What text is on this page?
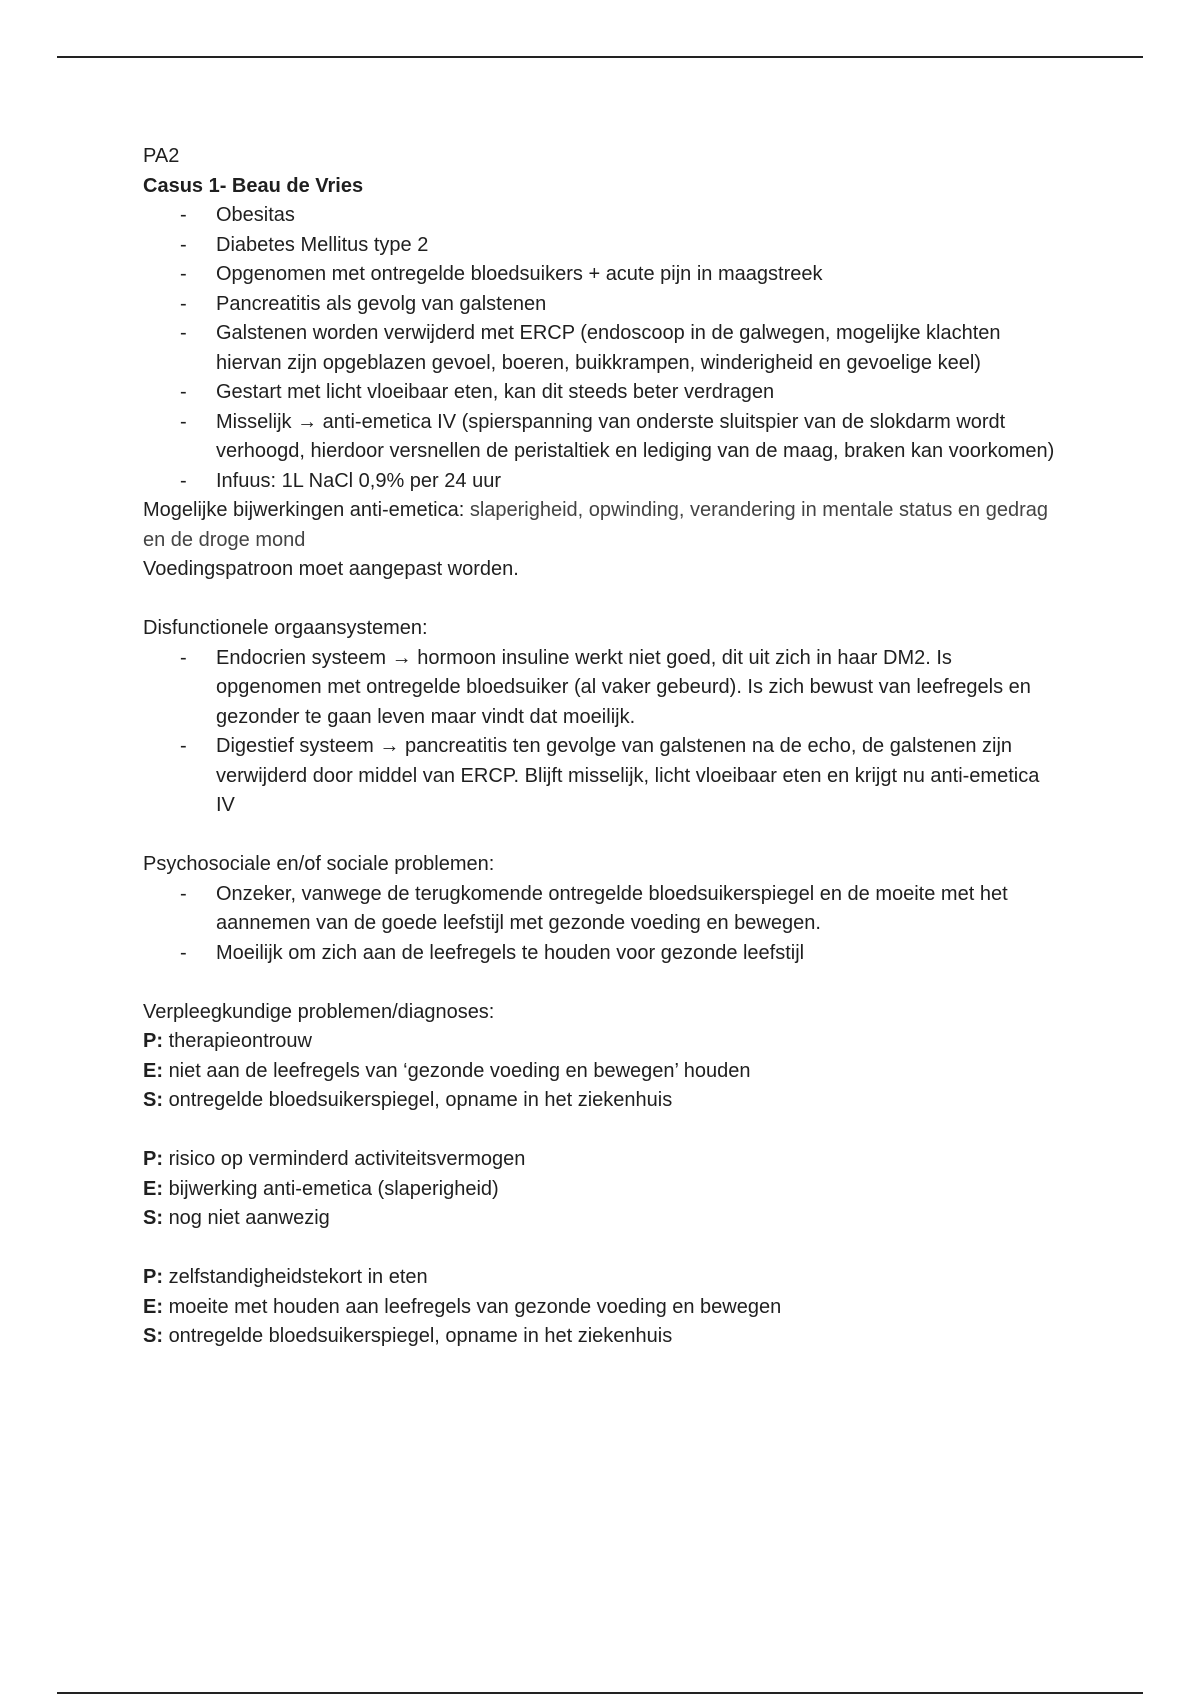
PA2

Casus 1- Beau de Vries

- Obesitas
- Diabetes Mellitus type 2
- Opgenomen met ontregelde bloedsuikers + acute pijn in maagstreek
- Pancreatitis als gevolg van galstenen
- Galstenen worden verwijderd met ERCP (endoscoop in de galwegen, mogelijke klachten hiervan zijn opgeblazen gevoel, boeren, buikkrampen, winderigheid en gevoelige keel)
- Gestart met licht vloeibaar eten, kan dit steeds beter verdragen
- Misselijk → anti-emetica IV (spierspanning van onderste sluitspier van de slokdarm wordt verhoogd, hierdoor versnellen de peristaltiek en lediging van de maag, braken kan voorkomen)
- Infuus: 1L NaCl 0,9% per 24 uur

Mogelijke bijwerkingen anti-emetica: slaperigheid, opwinding, verandering in mentale status en gedrag en de droge mond

Voedingspatroon moet aangepast worden.

Disfunctionele orgaansystemen:

- Endocrien systeem → hormoon insuline werkt niet goed, dit uit zich in haar DM2. Is opgenomen met ontregelde bloedsuiker (al vaker gebeurd). Is zich bewust van leefregels en gezonder te gaan leven maar vindt dat moeilijk.
- Digestief systeem → pancreatitis ten gevolge van galstenen na de echo, de galstenen zijn verwijderd door middel van ERCP. Blijft misselijk, licht vloeibaar eten en krijgt nu anti-emetica IV

Psychosociale en/of sociale problemen:

- Onzeker, vanwege de terugkomende ontregelde bloedsuikerspiegel en de moeite met het aannemen van de goede leefstijl met gezonde voeding en bewegen.
- Moeilijk om zich aan de leefregels te houden voor gezonde leefstijl

Verpleegkundige problemen/diagnoses:

P: therapieontrouw

E: niet aan de leefregels van ‘gezonde voeding en bewegen’ houden

S: ontregelde bloedsuikerspiegel, opname in het ziekenhuis

P: risico op verminderd activiteitsvermogen

E: bijwerking anti-emetica (slaperigheid)

S: nog niet aanwezig

P: zelfstandigheidstekort in eten

E: moeite met houden aan leefregels van gezonde voeding en bewegen

S: ontregelde bloedsuikerspiegel, opname in het ziekenhuis
